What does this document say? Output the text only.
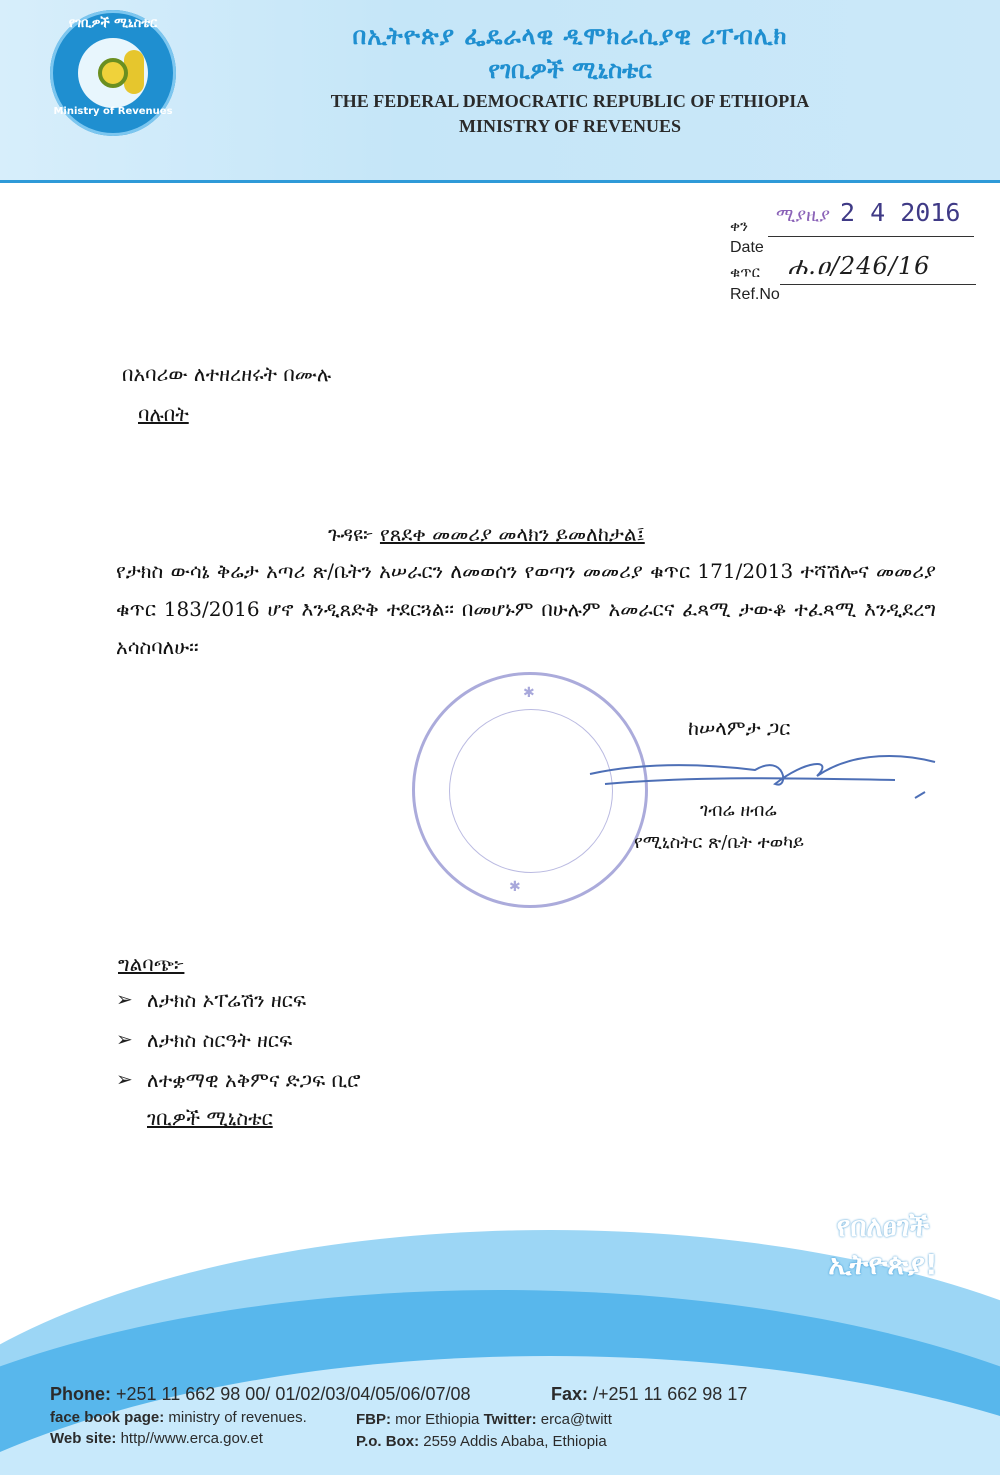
የገቢዎች ሚኒስቴር
Ministry of Revenues
በኢትዮጵያ ፌዴራላዊ ዲሞክራሲያዊ ሪፐብሊክ
የገቢዎች ሚኒስቴር
THE FEDERAL DEMOCRATIC REPUBLIC OF ETHIOPIA
MINISTRY OF REVENUES
ቀን
ሚያዚያ 2 4 2016
Date
ቁጥር ሐ.ዐ/246/16
Ref.No
በአባሪው ለተዘረዘሩት በሙሉ
ባሉበት
ጉዳዩ፦ የጸደቀ መመሪያ መላክን ይመለከታል፤
የታክስ ውሳኔ ቅሬታ አጣሪ ጽ/ቤትን አሠራርን ለመወሰን የወጣን መመሪያ ቁጥር 171/2013 ተሻሽሎና መመሪያ ቁጥር 183/2016 ሆኖ እንዲጸድቅ ተደርጓል፡፡ በመሆኑም በሁሉም አመራርና ፈጻሚ ታውቆ ተፈጻሚ እንዲደረግ አሳስባለሁ፡፡
✱
✱
ከሠላምታ ጋር
ገብሬ ዘብሬ
የሚኒስትር ጽ/ቤት ተወካይ
ግልባጭ፦
➢ ለታክስ ኦፐሬሽን ዘርፍ
➢ ለታክስ ስርዓት ዘርፍ
➢ ለተቋማዊ አቅምና ድጋፍ ቢሮ
ገቢዎች ሚኒስቴር
የበለፀገች
ኢትዮጵያ!
Phone: +251 11 662 98 00/ 01/02/03/04/05/06/07/08	Fax: /+251 11 662 98 17
face book page: ministry of revenues.	FBP: mor Ethiopia Twitter: erca@twitt
Web site: http//www.erca.gov.et	P.o. Box: 2559 Addis Ababa, Ethiopia
